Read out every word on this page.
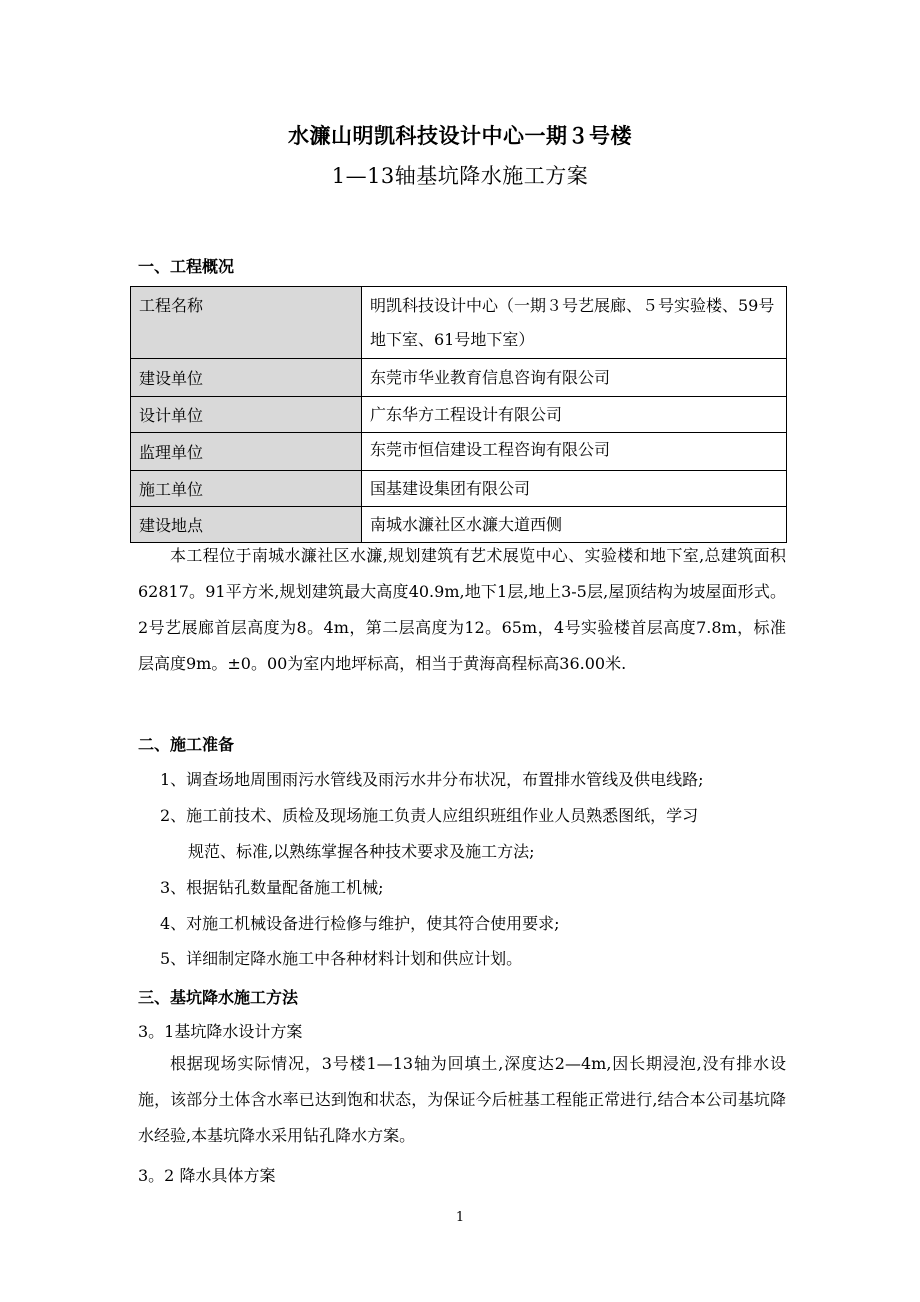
水濂山明凯科技设计中心一期３号楼
1—13轴基坑降水施工方案
一、工程概况
工程名称	明凯科技设计中心（一期３号艺展廊、５号实验楼、59号地下室、61号地下室）
建设单位	东莞市华业教育信息咨询有限公司
设计单位	广东华方工程设计有限公司
监理单位	东莞市恒信建设工程咨询有限公司
施工单位	国基建设集团有限公司
建设地点	南城水濂社区水濂大道西侧

本工程位于南城水濂社区水濂,规划建筑有艺术展览中心、实验楼和地下室,总建筑面积62817。91平方米,规划建筑最大高度40.9m,地下1层,地上3-5层,屋顶结构为坡屋面形式。2号艺展廊首层高度为8。4m，第二层高度为12。65m，4号实验楼首层高度7.8m，标准层高度9m。±0。00为室内地坪标高，相当于黄海高程标高36.00米.

二、施工准备
1、调查场地周围雨污水管线及雨污水井分布状况，布置排水管线及供电线路;
2、施工前技术、质检及现场施工负责人应组织班组作业人员熟悉图纸，学习
规范、标准,以熟练掌握各种技术要求及施工方法;
3、根据钻孔数量配备施工机械;
4、对施工机械设备进行检修与维护，使其符合使用要求;
5、详细制定降水施工中各种材料计划和供应计划。
三、基坑降水施工方法
3。1基坑降水设计方案

根据现场实际情况，3号楼1—13轴为回填土,深度达2—4m,因长期浸泡,没有排水设施，该部分土体含水率已达到饱和状态，为保证今后桩基工程能正常进行,结合本公司基坑降水经验,本基坑降水采用钻孔降水方案。

3。2 降水具体方案
1
